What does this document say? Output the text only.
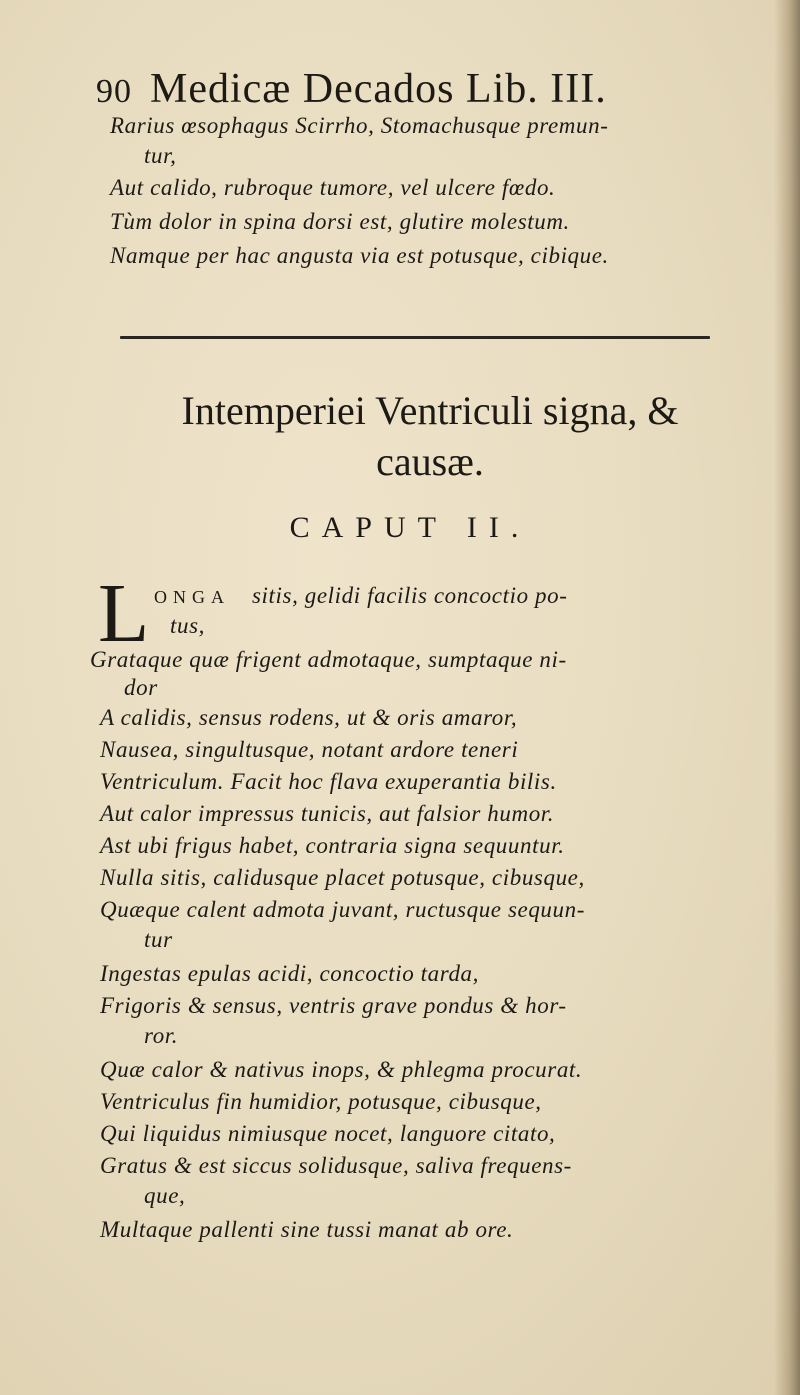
90 Medicæ Decados Lib. III.
Rarius œsophagus Scirrho, Stomachusque premun-
tur,
Aut calido, rubroque tumore, vel ulcere fœdo.
Tùm dolor in spina dorsi est, glutire molestum.
Namque per hac angusta via est potusque, cibique.
Intemperiei Ventriculi signa, &
causæ.
CAPUT II.
L ONGA sitis, gelidi facilis concoctio po-
tus,
Grataque quæ frigent admotaque, sumptaque ni-
dor
A calidis, sensus rodens, ut & oris amaror,
Nausea, singultusque, notant ardore teneri
Ventriculum. Facit hoc flava exuperantia bilis.
Aut calor impressus tunicis, aut falsior humor.
Ast ubi frigus habet, contraria signa sequuntur.
Nulla sitis, calidusque placet potusque, cibusque,
Quæque calent admota juvant, ructusque sequun-
tur
Ingestas epulas acidi, concoctio tarda,
Frigoris & sensus, ventris grave pondus & hor-
ror.
Quæ calor & nativus inops, & phlegma procurat.
Ventriculus fin humidior, potusque, cibusque,
Qui liquidus nimiusque nocet, languore citato,
Gratus & est siccus solidusque, saliva frequens-
que,
Multaque pallenti sine tussi manat ab ore.
